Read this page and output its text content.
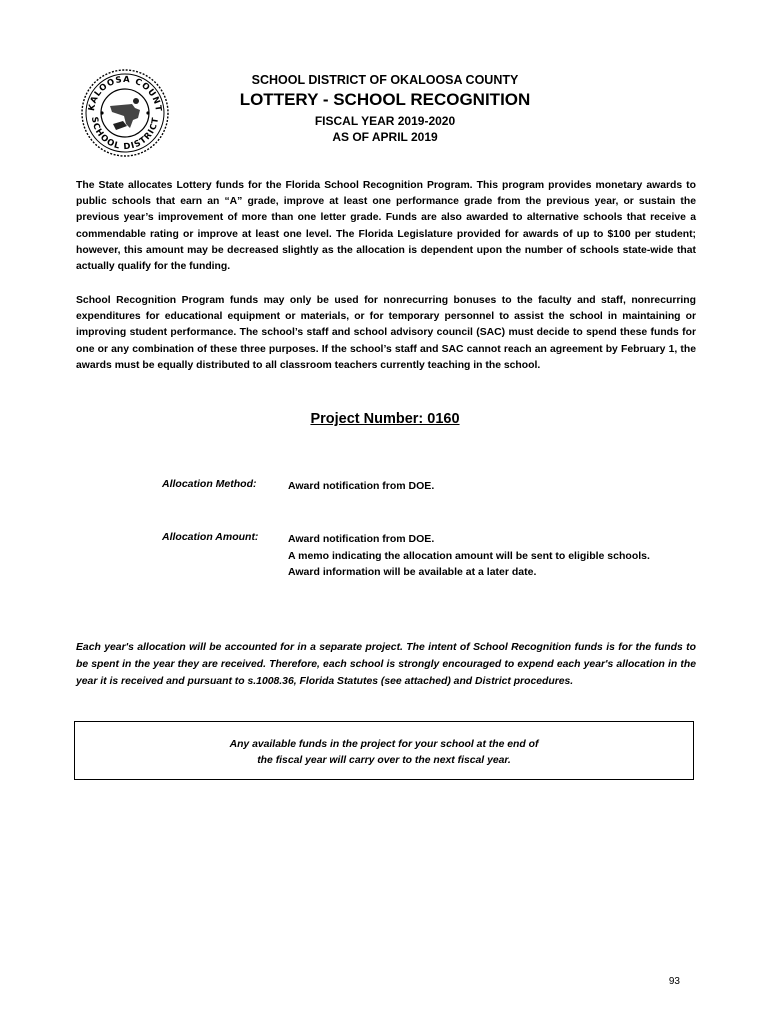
KALOOSA COUNT
SCHOOL DISTRICT
SCHOOL DISTRICT OF OKALOOSA COUNTY
LOTTERY - SCHOOL RECOGNITION
FISCAL YEAR 2019-2020
AS OF APRIL 2019
The State allocates Lottery funds for the Florida School Recognition Program. This program provides monetary awards to public schools that earn an “A” grade, improve at least one performance grade from the previous year, or sustain the previous year’s improvement of more than one letter grade. Funds are also awarded to alternative schools that receive a commendable rating or improve at least one level. The Florida Legislature provided for awards of up to $100 per student; however, this amount may be decreased slightly as the allocation is dependent upon the number of schools state-wide that actually qualify for the funding.
School Recognition Program funds may only be used for nonrecurring bonuses to the faculty and staff, nonrecurring expenditures for educational equipment or materials, or for temporary personnel to assist the school in maintaining or improving student performance. The school’s staff and school advisory council (SAC) must decide to spend these funds for one or any combination of these three purposes. If the school’s staff and SAC cannot reach an agreement by February 1, the awards must be equally distributed to all classroom teachers currently teaching in the school.
Project Number: 0160
Allocation Method:	Award notification from DOE.
Allocation Amount:	Award notification from DOE.
A memo indicating the allocation amount will be sent to eligible schools.
Award information will be available at a later date.
Each year's allocation will be accounted for in a separate project. The intent of School Recognition funds is for the funds to be spent in the year they are received. Therefore, each school is strongly encouraged to expend each year's allocation in the year it is received and pursuant to s.1008.36, Florida Statutes (see attached) and District procedures.
Any available funds in the project for your school at the end of
the fiscal year will carry over to the next fiscal year.
93
